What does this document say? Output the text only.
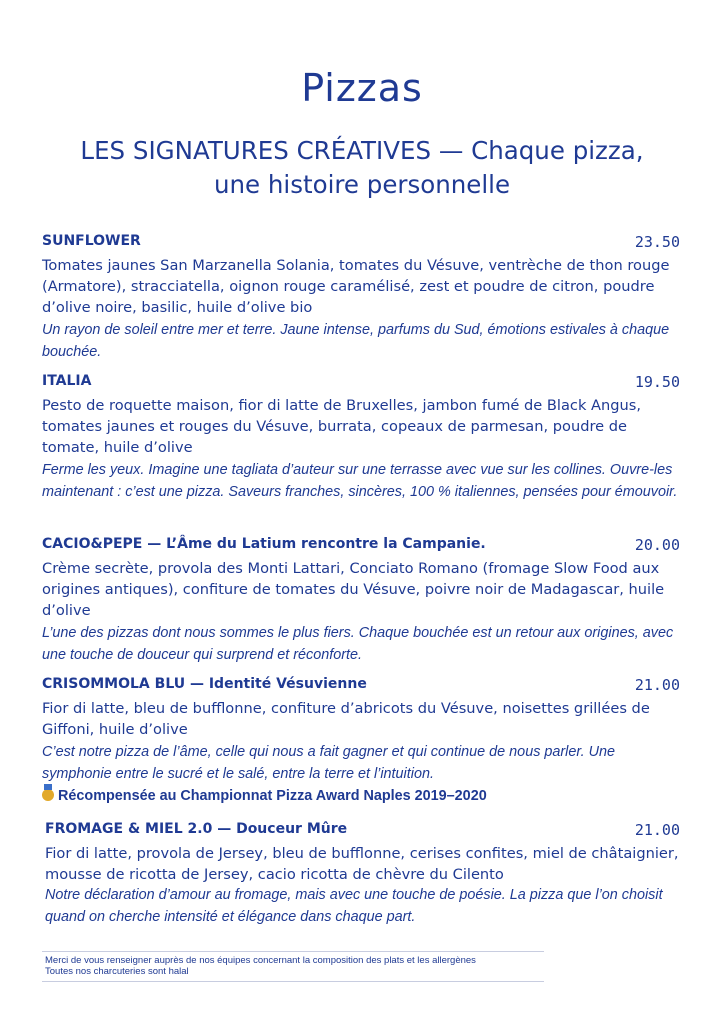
Pizzas
LES SIGNATURES CRÉATIVES — Chaque pizza, une histoire personnelle
SUNFLOWER	23.50
Tomates jaunes San Marzanella Solania, tomates du Vésuve, ventrèche de thon rouge (Armatore), stracciatella, oignon rouge caramélisé, zest et poudre de citron, poudre d’olive noire, basilic, huile d’olive bio
Un rayon de soleil entre mer et terre. Jaune intense, parfums du Sud, émotions estivales à chaque bouchée.
ITALIA	19.50
Pesto de roquette maison, fior di latte de Bruxelles, jambon fumé de Black Angus, tomates jaunes et rouges du Vésuve, burrata, copeaux de parmesan, poudre de tomate, huile d’olive
Ferme les yeux. Imagine une tagliata d’auteur sur une terrasse avec vue sur les collines. Ouvre-les maintenant : c’est une pizza. Saveurs franches, sincères, 100 % italiennes, pensées pour émouvoir.
CACIO&PEPE — L’Âme du Latium rencontre la Campanie.	20.00
Crème secrète, provola des Monti Lattari, Conciato Romano (fromage Slow Food aux origines antiques), confiture de tomates du Vésuve, poivre noir de Madagascar, huile d’olive
L’une des pizzas dont nous sommes le plus fiers. Chaque bouchée est un retour aux origines, avec une touche de douceur qui surprend et réconforte.
CRISOMMOLA BLU — Identité Vésuvienne	21.00
Fior di latte, bleu de bufflonne, confiture d’abricots du Vésuve, noisettes grillées de Giffoni, huile d’olive
C’est notre pizza de l’âme, celle qui nous a fait gagner et qui continue de nous parler. Une symphonie entre le sucré et le salé, entre la terre et l’intuition.
Récompensée au Championnat Pizza Award Naples 2019–2020
FROMAGE & MIEL 2.0 — Douceur Mûre	21.00
Fior di latte, provola de Jersey, bleu de bufflonne, cerises confites, miel de châtaignier, mousse de ricotta de Jersey, cacio ricotta de chèvre du Cilento
Notre déclaration d’amour au fromage, mais avec une touche de poésie. La pizza que l’on choisit quand on cherche intensité et élégance dans chaque part.
Merci de vous renseigner auprès de nos équipes concernant la composition des plats et les allergènes
Toutes nos charcuteries sont halal
